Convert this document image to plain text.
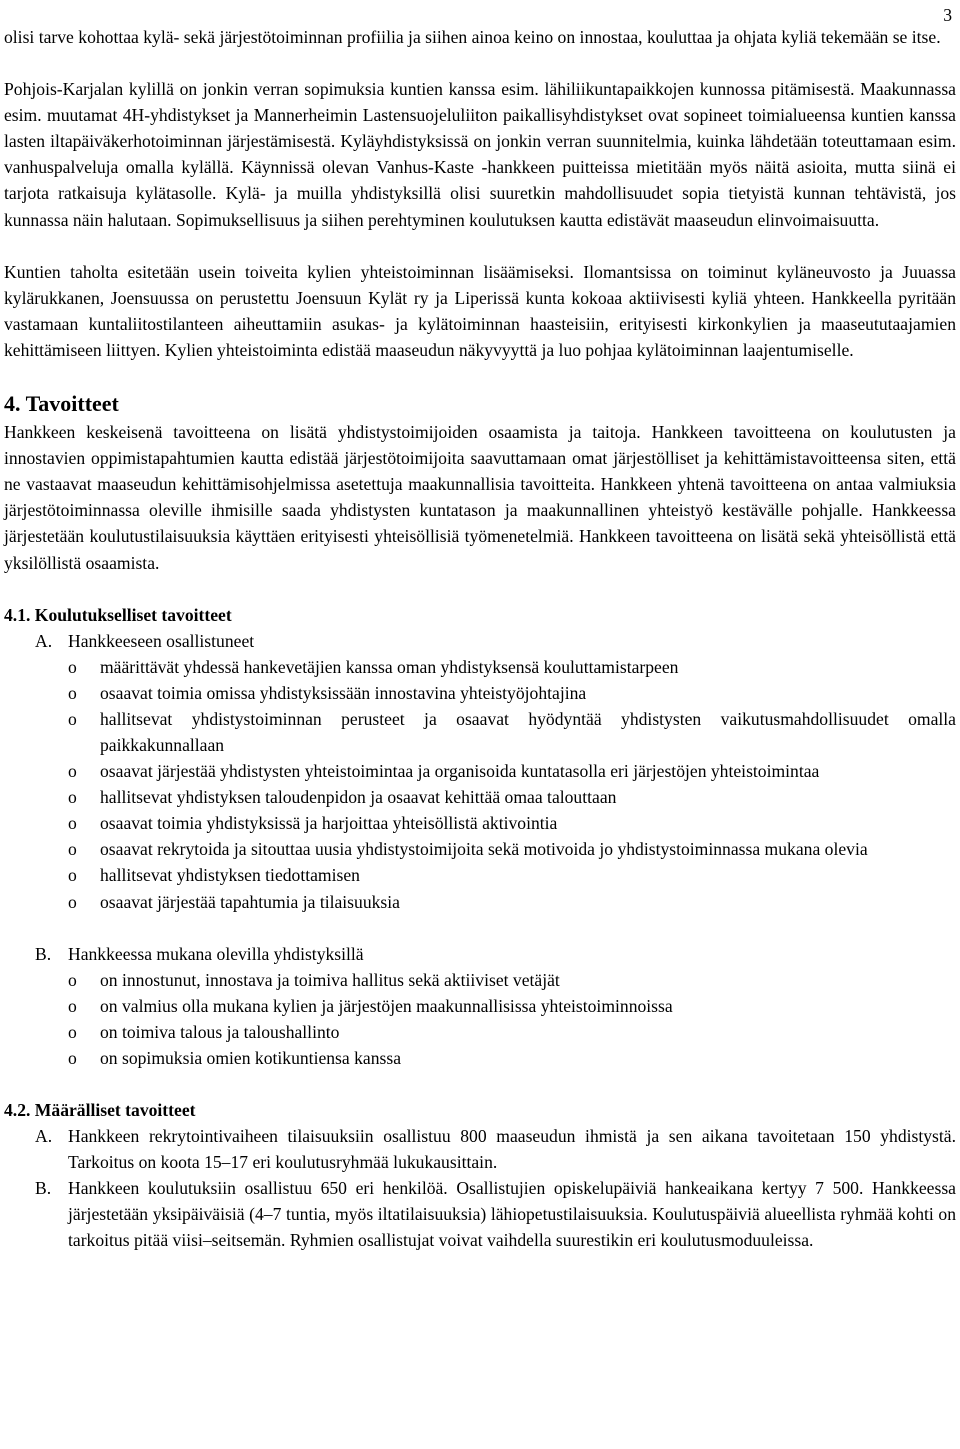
3

olisi tarve kohottaa kylä- sekä järjestötoiminnan profiilia ja siihen ainoa keino on innostaa, kouluttaa ja ohjata kyliä tekemään se itse.

Pohjois-Karjalan kylillä on jonkin verran sopimuksia kuntien kanssa esim. lähiliikuntapaikkojen kunnossa pitämisestä. Maakunnassa esim. muutamat 4H-yhdistykset ja Mannerheimin Lastensuojeluliiton paikallisyhdistykset ovat sopineet toimialueensa kuntien kanssa lasten iltapäiväkerhotoiminnan järjestämisestä. Kyläyhdistyksissä on jonkin verran suunnitelmia, kuinka lähdetään toteuttamaan esim. vanhuspalveluja omalla kylällä. Käynnissä olevan Vanhus-Kaste -hankkeen puitteissa mietitään myös näitä asioita, mutta siinä ei tarjota ratkaisuja kylätasolle. Kylä- ja muilla yhdistyksillä olisi suuretkin mahdollisuudet sopia tietyistä kunnan tehtävistä, jos kunnassa näin halutaan. Sopimuksellisuus ja siihen perehtyminen koulutuksen kautta edistävät maaseudun elinvoimaisuutta.

Kuntien taholta esitetään usein toiveita kylien yhteistoiminnan lisäämiseksi. Ilomantsissa on toiminut kyläneuvosto ja Juuassa kylärukkanen, Joensuussa on perustettu Joensuun Kylät ry ja Liperissä kunta kokoaa aktiivisesti kyliä yhteen. Hankkeella pyritään vastamaan kuntaliitostilanteen aiheuttamiin asukas- ja kylätoiminnan haasteisiin, erityisesti kirkonkylien ja maaseututaajamien kehittämiseen liittyen. Kylien yhteistoiminta edistää maaseudun näkyvyyttä ja luo pohjaa kylätoiminnan laajentumiselle.

4. Tavoitteet

Hankkeen keskeisenä tavoitteena on lisätä yhdistystoimijoiden osaamista ja taitoja. Hankkeen tavoitteena on koulutusten ja innostavien oppimistapahtumien kautta edistää järjestötoimijoita saavuttamaan omat järjestölliset ja kehittämistavoitteensa siten, että ne vastaavat maaseudun kehittämisohjelmissa asetettuja maakunnallisia tavoitteita. Hankkeen yhtenä tavoitteena on antaa valmiuksia järjestötoiminnassa oleville ihmisille saada yhdistysten kuntatason ja maakunnallinen yhteistyö kestävälle pohjalle. Hankkeessa järjestetään koulutustilaisuuksia käyttäen erityisesti yhteisöllisiä työmenetelmiä. Hankkeen tavoitteena on lisätä sekä yhteisöllistä että yksilöllistä osaamista.

4.1. Koulutukselliset tavoitteet
A. Hankkeeseen osallistuneet
o	määrittävät yhdessä hankevetäjien kanssa oman yhdistyksensä kouluttamistarpeen
o	osaavat toimia omissa yhdistyksissään innostavina yhteistyöjohtajina
o	hallitsevat yhdistystoiminnan perusteet ja osaavat hyödyntää yhdistysten vaikutusmahdollisuudet omalla paikkakunnallaan
o	osaavat järjestää yhdistysten yhteistoimintaa ja organisoida kuntatasolla eri järjestöjen yhteistoimintaa
o	hallitsevat yhdistyksen taloudenpidon ja osaavat kehittää omaa talouttaan
o	osaavat toimia yhdistyksissä ja harjoittaa yhteisöllistä aktivointia
o	osaavat rekrytoida ja sitouttaa uusia yhdistystoimijoita sekä motivoida jo yhdistystoiminnassa mukana olevia
o	hallitsevat yhdistyksen tiedottamisen
o	osaavat järjestää tapahtumia ja tilaisuuksia
B. Hankkeessa mukana olevilla yhdistyksillä
o	on innostunut, innostava ja toimiva hallitus sekä aktiiviset vetäjät
o	on valmius olla mukana kylien ja järjestöjen maakunnallisissa yhteistoiminnoissa
o	on toimiva talous ja taloushallinto
o	on sopimuksia omien kotikuntiensa kanssa
4.2. Määrälliset tavoitteet
A. Hankkeen rekrytointivaiheen tilaisuuksiin osallistuu 800 maaseudun ihmistä ja sen aikana tavoitetaan 150 yhdistystä. Tarkoitus on koota 15–17 eri koulutusryhmää lukukausittain.
B. Hankkeen koulutuksiin osallistuu 650 eri henkilöä. Osallistujien opiskelupäiviä hankeaikana kertyy 7 500. Hankkeessa järjestetään yksipäiväisiä (4–7 tuntia, myös iltatilaisuuksia) lähiopetustilaisuuksia. Koulutuspäiviä alueellista ryhmää kohti on tarkoitus pitää viisi–seitsemän. Ryhmien osallistujat voivat vaihdella suurestikin eri koulutusmoduuleissa.
